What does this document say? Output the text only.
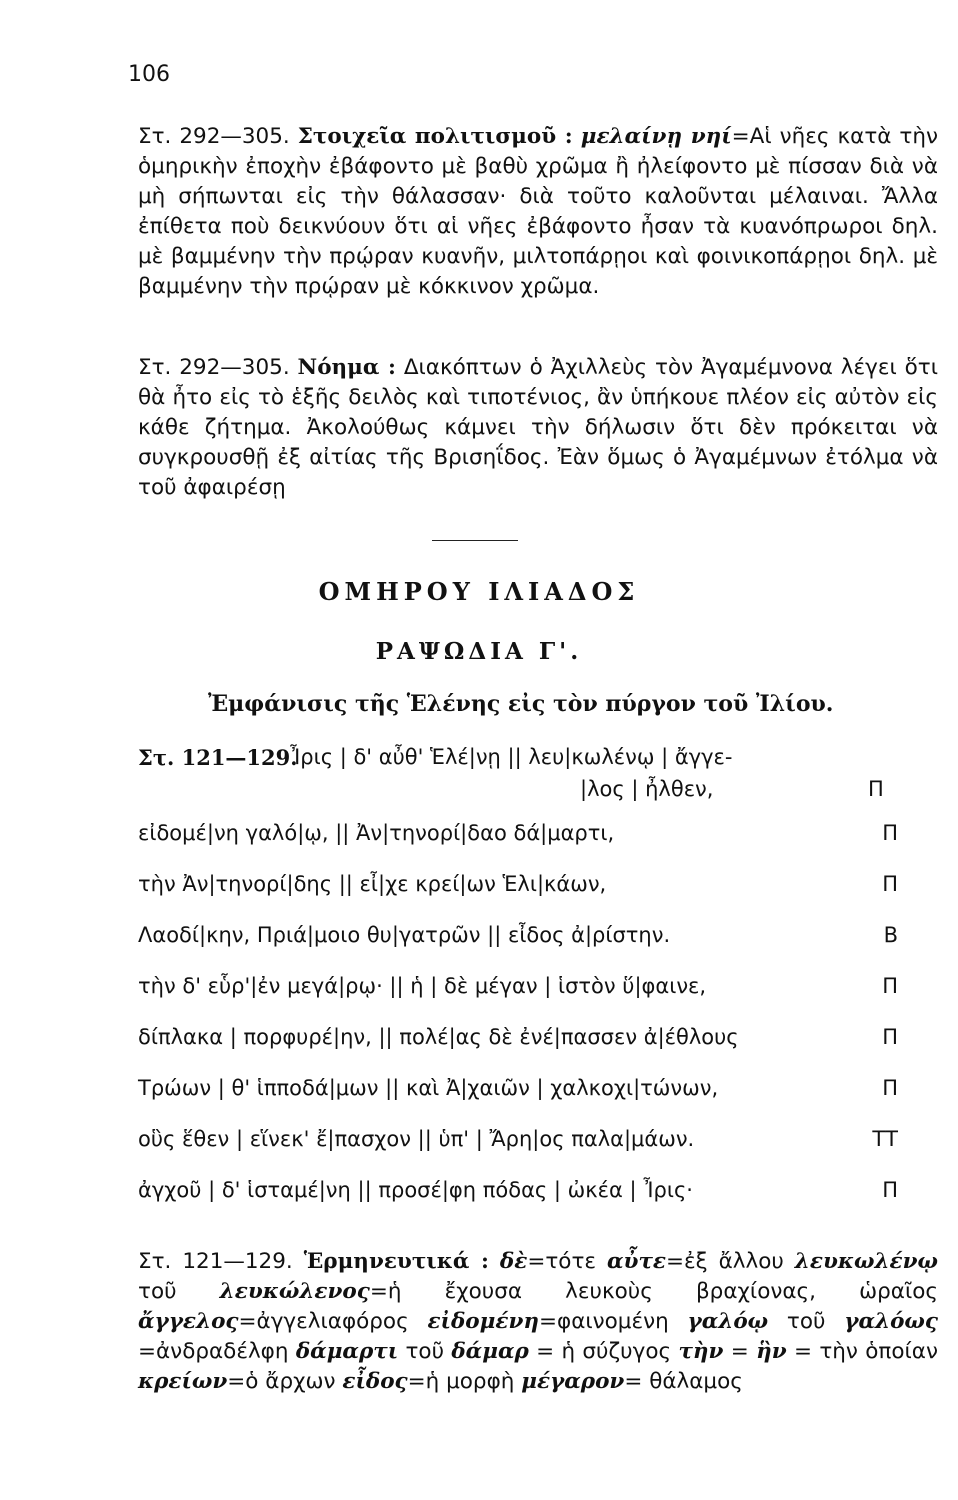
106

Στ. 292—305. Στοιχεῖα πολιτισμοῦ : μελαίνῃ νηί=Αἱ νῆες κατὰ τὴν ὁμηρικὴν ἐποχὴν ἐβάφοντο μὲ βαθὺ χρῶμα ἢ ἠλείφοντο μὲ πίσσαν διὰ νὰ μὴ σήπωνται εἰς τὴν θάλασσαν· διὰ τοῦτο καλοῦνται μέλαιναι. Ἄλλα ἐπίθετα ποὺ δεικνύουν ὅτι αἱ νῆες ἐβάφοντο ἦσαν τὰ κυανόπρωροι δηλ. μὲ βαμμένην τὴν πρῴραν κυανῆν, μιλτοπάρῃοι καὶ φοινικοπάρῃοι δηλ. μὲ βαμμένην τὴν πρῴραν μὲ κόκκινον χρῶμα.

Στ. 292—305. Νόημα : Διακόπτων ὁ Ἀχιλλεὺς τὸν Ἀγαμέμνονα λέγει ὅτι θὰ ἦτο εἰς τὸ ἑξῆς δειλὸς καὶ τιποτένιος, ἂν ὑπήκουε πλέον εἰς αὐτὸν εἰς κάθε ζήτημα. Ἀκολούθως κάμνει τὴν δήλωσιν ὅτι δὲν πρόκειται νὰ συγκρουσθῇ ἐξ αἰτίας τῆς Βρισηΐδος. Ἐὰν ὅμως ὁ Ἀγαμέμνων ἐτόλμα νὰ τοῦ ἀφαιρέσῃ

ΟΜΗΡΟΥ ΙΛΙΑΔΟΣ
ΡΑΨΩΔΙΑ Γ'.
Ἐμφάνισις τῆς Ἑλένης εἰς τὸν πύργον τοῦ Ἰλίου.
Στ. 121—129.
Ἶρις | δ' αὖθ' Ἑλέ|νῃ || λευ|κωλένῳ | ἄγγε-
|λος | ἦλθεν,	Π
εἰδομέ|νη γαλό|ῳ, || Ἀν|τηνορί|δαο δά|μαρτι,	Π
τὴν Ἀν|τηνορί|δης || εἶ|χε κρεί|ων Ἑλι|κάων,	Π
Λαοδί|κην, Πριά|μοιο θυ|γατρῶν || εἶδος ἀ|ρίστην.	Β
τὴν δ' εὗρ'|ἐν μεγά|ρῳ· || ἡ | δὲ μέγαν | ἱστὸν ὕ|φαινε,	Π
δίπλακα | πορφυρέ|ην, || πολέ|ας δὲ ἐνέ|πασσεν ἀ|έθλους	Π
Τρώων | θ' ἱπποδά|μων || καὶ Ἀ|χαιῶν | χαλκοχι|τώνων,	Π
οὓς ἕθεν | εἵνεκ' ἔ|πασχον || ὑπ' | Ἄρη|ος παλα|μάων.	ΤΤ
ἀγχοῦ | δ' ἱσταμέ|νη || προσέ|φη πόδας | ὠκέα | Ἶρις·	Π

Στ. 121—129. Ἑρμηνευτικά : δὲ=τότε αὖτε=ἐξ ἄλλου λευκωλένῳ τοῦ λευκώλενος=ἡ ἔχουσα λευκοὺς βραχίονας, ὡραῖος ἄγγελος=ἀγγελιαφόρος εἰδομένη=φαινομένη γαλόῳ τοῦ γαλόως =ἀνδραδέλφη δάμαρτι τοῦ δάμαρ = ἡ σύζυγος τὴν = ἣν = τὴν ὁποίαν κρείων=ὁ ἄρχων εἶδος=ἡ μορφὴ μέγαρον= θάλαμος
